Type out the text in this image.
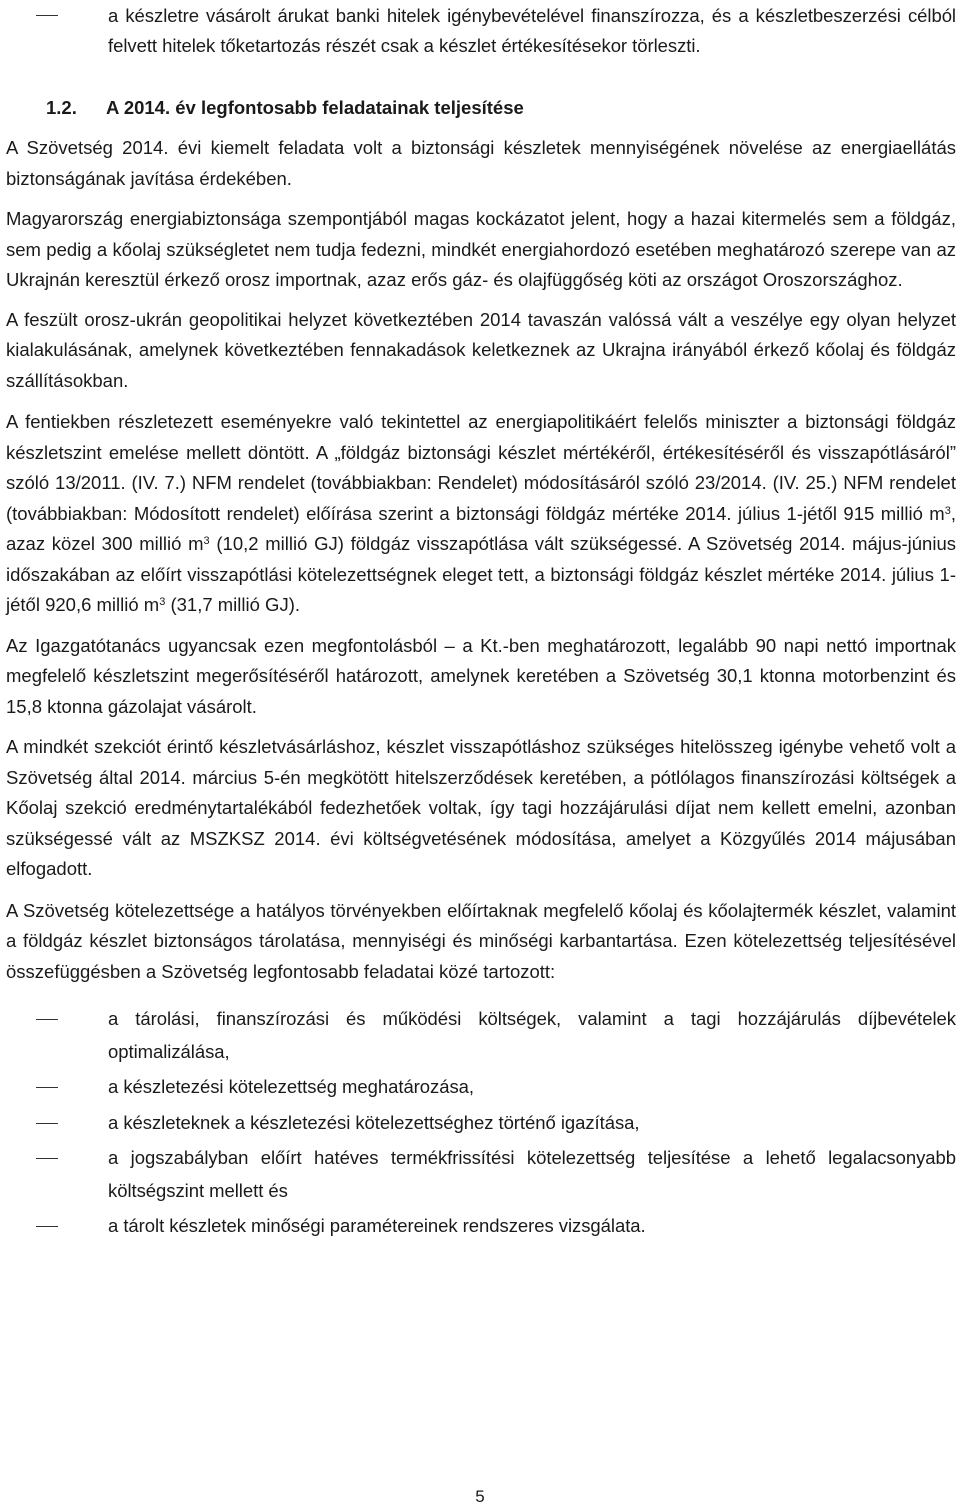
a készletre vásárolt árukat banki hitelek igénybevételével finanszírozza, és a készletbeszerzési célból felvett hitelek tőketartozás részét csak a készlet értékesítésekor törleszti.
1.2. A 2014. év legfontosabb feladatainak teljesítése

A Szövetség 2014. évi kiemelt feladata volt a biztonsági készletek mennyiségének növelése az energiaellátás biztonságának javítása érdekében.

Magyarország energiabiztonsága szempontjából magas kockázatot jelent, hogy a hazai kitermelés sem a földgáz, sem pedig a kőolaj szükségletet nem tudja fedezni, mindkét energiahordozó esetében meghatározó szerepe van az Ukrajnán keresztül érkező orosz importnak, azaz erős gáz- és olajfüggőség köti az országot Oroszországhoz.

A feszült orosz-ukrán geopolitikai helyzet következtében 2014 tavaszán valóssá vált a veszélye egy olyan helyzet kialakulásának, amelynek következtében fennakadások keletkeznek az Ukrajna irányából érkező kőolaj és földgáz szállításokban.

A fentiekben részletezett eseményekre való tekintettel az energiapolitikáért felelős miniszter a biztonsági földgáz készletszint emelése mellett döntött. A „földgáz biztonsági készlet mértékéről, értékesítéséről és visszapótlásáról” szóló 13/2011. (IV. 7.) NFM rendelet (továbbiakban: Rendelet) módosításáról szóló 23/2014. (IV. 25.) NFM rendelet (továbbiakban: Módosított rendelet) előírása szerint a biztonsági földgáz mértéke 2014. július 1-jétől 915 millió $m^3$, azaz közel 300 millió $m^3$ (10,2 millió GJ) földgáz visszapótlása vált szükségessé. A Szövetség 2014. május-június időszakában az előírt visszapótlási kötelezettségnek eleget tett, a biztonsági földgáz készlet mértéke 2014. július 1-jétől 920,6 millió $m^3$ (31,7 millió GJ).

Az Igazgatótanács ugyancsak ezen megfontolásból – a Kt.-ben meghatározott, legalább 90 napi nettó importnak megfelelő készletszint megerősítéséről határozott, amelynek keretében a Szövetség 30,1 ktonna motorbenzint és 15,8 ktonna gázolajat vásárolt.

A mindkét szekciót érintő készletvásárláshoz, készlet visszapótláshoz szükséges hitelösszeg igénybe vehető volt a Szövetség által 2014. március 5-én megkötött hitelszerződések keretében, a pótlólagos finanszírozási költségek a Kőolaj szekció eredménytartalékából fedezhetőek voltak, így tagi hozzájárulási díjat nem kellett emelni, azonban szükségessé vált az MSZKSZ 2014. évi költségvetésének módosítása, amelyet a Közgyűlés 2014 májusában elfogadott.

A Szövetség kötelezettsége a hatályos törvényekben előírtaknak megfelelő kőolaj és kőolajtermék készlet, valamint a földgáz készlet biztonságos tárolatása, mennyiségi és minőségi karbantartása. Ezen kötelezettség teljesítésével összefüggésben a Szövetség legfontosabb feladatai közé tartozott:

a tárolási, finanszírozási és működési költségek, valamint a tagi hozzájárulás díjbevételek optimalizálása,
a készletezési kötelezettség meghatározása,
a készleteknek a készletezési kötelezettséghez történő igazítása,
a jogszabályban előírt hatéves termékfrissítési kötelezettség teljesítése a lehető legalacsonyabb költségszint mellett és
a tárolt készletek minőségi paramétereinek rendszeres vizsgálata.
5
